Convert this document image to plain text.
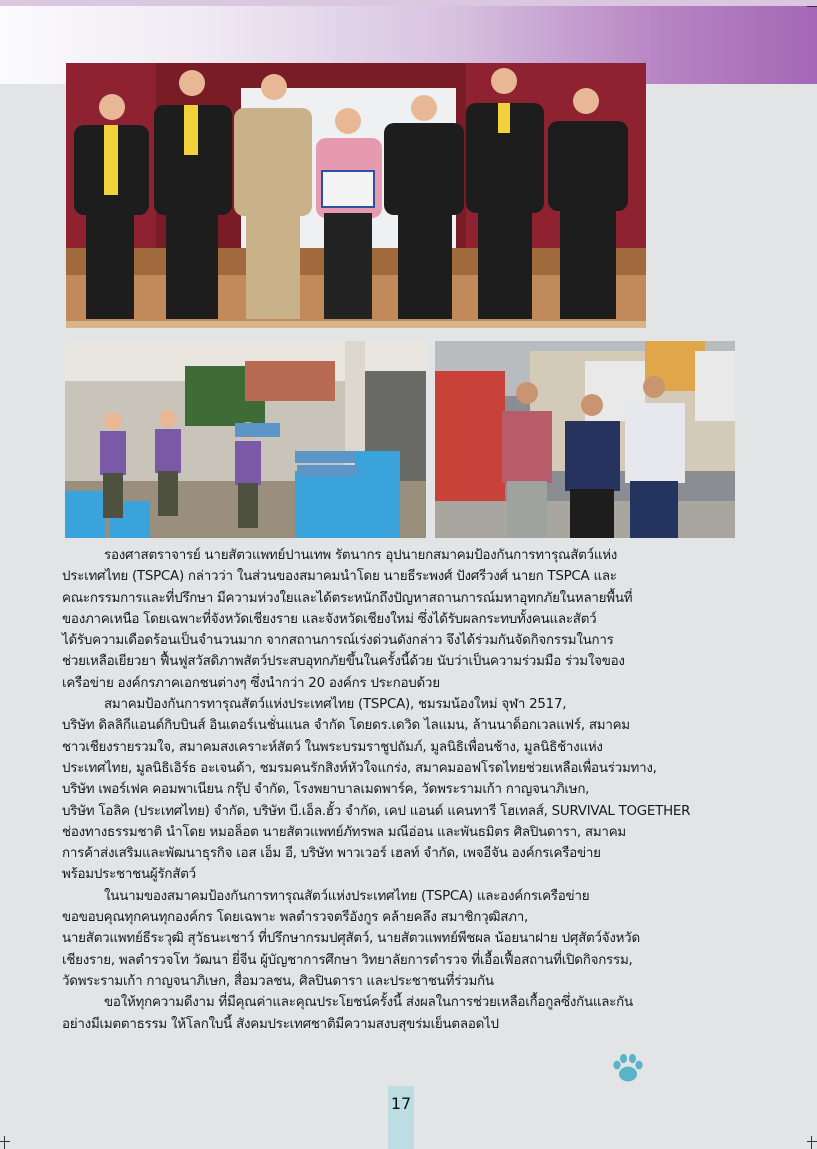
รองศาสตราจารย์ นายสัตวแพทย์ปานเทพ รัตนากร อุปนายกสมาคมป้องกันการทารุณสัตว์แห่ง
ประเทศไทย (TSPCA) กล่าวว่า ในส่วนของสมาคมนำโดย นายธีระพงศ์ ปังศรีวงศ์ นายก TSPCA และ
คณะกรรมการและที่ปรึกษา มีความห่วงใยและได้ตระหนักถึงปัญหาสถานการณ์มหาอุทกภัยในหลายพื้นที่
ของภาคเหนือ โดยเฉพาะที่จังหวัดเชียงราย และจังหวัดเชียงใหม่ ซึ่งได้รับผลกระทบทั้งคนและสัตว์
ได้รับความเดือดร้อนเป็นจำนวนมาก จากสถานการณ์เร่งด่วนดังกล่าว จึงได้ร่วมกันจัดกิจกรรมในการ
ช่วยเหลือเยียวยา ฟื้นฟูสวัสดิภาพสัตว์ประสบอุทกภัยขึ้นในครั้งนี้ด้วย นับว่าเป็นความร่วมมือ ร่วมใจของ
เครือข่าย องค์กรภาคเอกชนต่างๆ ซึ่งนำกว่า 20 องค์กร ประกอบด้วย
สมาคมป้องกันการทารุณสัตว์แห่งประเทศไทย (TSPCA), ชมรมน้องใหม่ จุฬา 2517,
บริษัท ดิลลิกีแอนด์กิบบินส์ อินเตอร์เนชั่นแนล จำกัด โดยดร.เดวิด ไลแมน, ล้านนาด็อกเวลแฟร์, สมาคม
ชาวเชียงรายรวมใจ, สมาคมสงเคราะห์สัตว์ ในพระบรมราชูปถัมภ์, มูลนิธิเพื่อนช้าง, มูลนิธิช้างแห่ง
ประเทศไทย, มูลนิธิเอิร์ธ อะเจนด้า, ชมรมคนรักสิงห์หัวใจแกร่ง, สมาคมออฟโรดไทยช่วยเหลือเพื่อนร่วมทาง,
บริษัท เพอร์เฟค คอมพาเนียน กรุ๊ป จำกัด, โรงพยาบาลเมดพาร์ค, วัดพระรามเก้า กาญจนาภิเษก,
บริษัท โอลิค (ประเทศไทย) จำกัด, บริษัท บี.เอ็ล.ฮั้ว จำกัด, เคป แอนด์ แคนทารี โฮเทลส์, SURVIVAL TOGETHER
ช่องทางธรรมชาติ นำโดย หมอล็อต นายสัตวแพทย์ภัทรพล มณีอ่อน และพันธมิตร ศิลปินดารา, สมาคม
การค้าส่งเสริมและพัฒนาธุรกิจ เอส เอ็ม อี, บริษัท พาวเวอร์ เฮลท์ จำกัด, เพจอีจัน องค์กรเครือข่าย
พร้อมประชาชนผู้รักสัตว์
ในนามของสมาคมป้องกันการทารุณสัตว์แห่งประเทศไทย (TSPCA) และองค์กรเครือข่าย
ขอขอบคุณทุกคนทุกองค์กร โดยเฉพาะ พลตำรวจตรีอังกูร คล้ายคลึง สมาชิกวุฒิสภา,
นายสัตวแพทย์ธีระวุฒิ สุวัธนะเชาว์ ที่ปรึกษากรมปศุสัตว์, นายสัตวแพทย์พีชผล น้อยนาฝาย ปศุสัตว์จังหวัด
เชียงราย, พลตำรวจโท วัฒนา ยี่จีน ผู้บัญชาการศึกษา วิทยาลัยการตำรวจ ที่เอื้อเฟื้อสถานที่เปิดกิจกรรม,
วัดพระรามเก้า กาญจนาภิเษก, สื่อมวลชน, ศิลปินดารา และประชาชนที่ร่วมกัน
ขอให้ทุกความดีงาม ที่มีคุณค่าและคุณประโยชน์ครั้งนี้ ส่งผลในการช่วยเหลือเกื้อกูลซึ่งกันและกัน
อย่างมีเมตตาธรรม ให้โลกใบนี้ สังคมประเทศชาติมีความสงบสุขร่มเย็นตลอดไป
17
